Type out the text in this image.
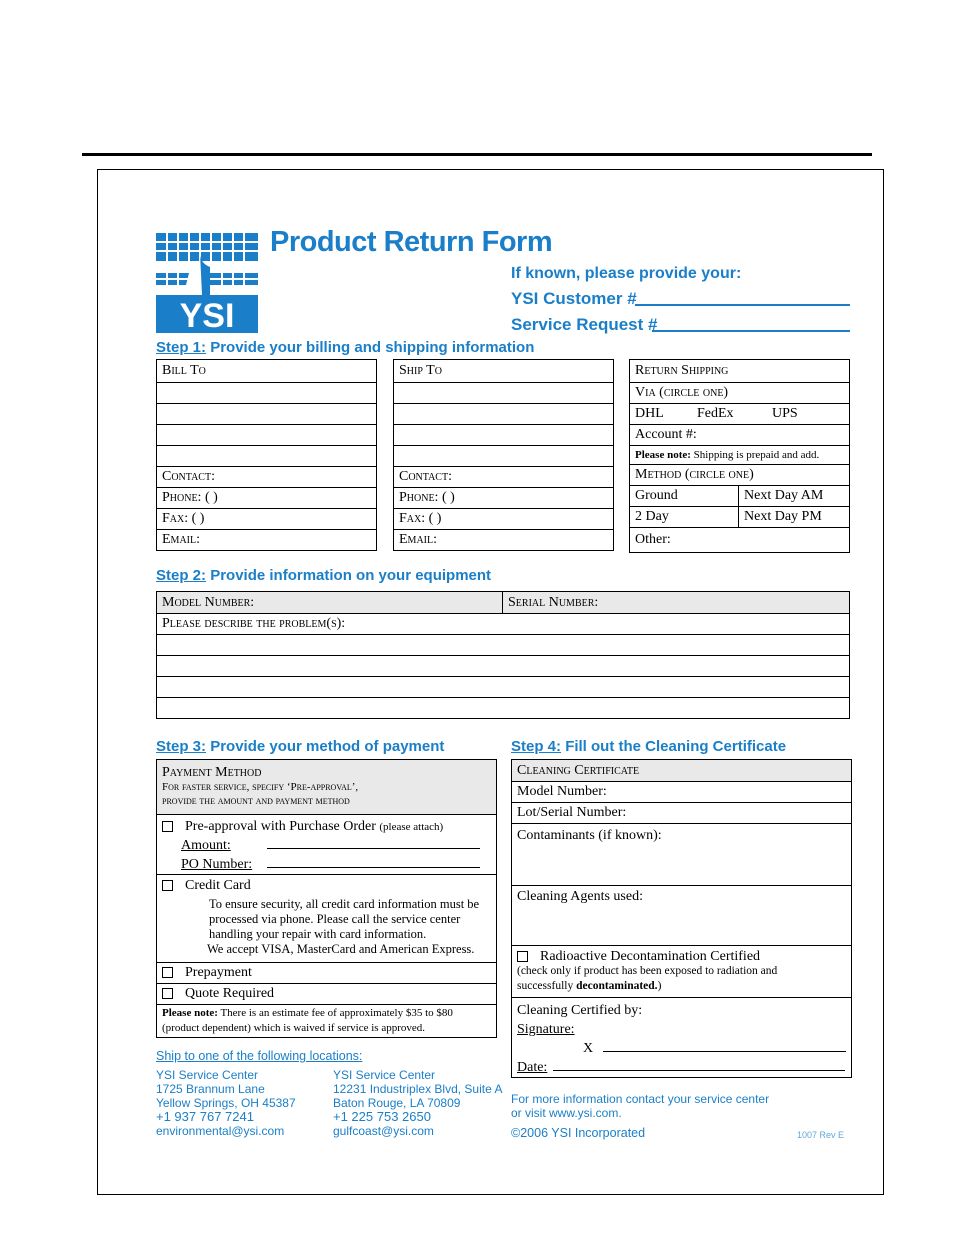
YSI
Product Return Form
If known, please provide your:
YSI Customer #
Service Request #
Step 1: Provide your billing and shipping information
Bill To

Contact:
Phone: ( )
Fax: ( )
Email:
Ship To

Contact:
Phone: ( )
Fax: ( )
Email:
Return Shipping	
Via (circle one)	
DHL FedEx UPS	
Account #:	
Please note: Shipping is prepaid and add.	
Method (circle one)	
Ground	Next Day AM
2 Day	Next Day PM
Other:	
Step 2: Provide information on your equipment
Model Number:	Serial Number:
Please describe the problem(s):

Step 3: Provide your method of payment
Payment Method
For faster service, specify ‘Pre-approval’,
provide the amount and payment method

Pre-approval with Purchase Order (please attach)
Amount:
PO Number:

Credit Card
To ensure security, all credit card information must be
processed via phone. Please call the service center
handling your repair with card information.
We accept VISA, MasterCard and American Express.

Prepayment
Quote Required

Please note: There is an estimate fee of approximately $35 to $80
(product dependent) which is waived if service is approved.
Step 4: Fill out the Cleaning Certificate
Cleaning Certificate
Model Number:
Lot/Serial Number:
Contaminants (if known):
Cleaning Agents used:

Radioactive Decontamination Certified
(check only if product has been exposed to radiation and
successfully decontaminated.)

Cleaning Certified by:
Signature:
X
Date:
Ship to one of the following locations:
YSI Service Center
1725 Brannum Lane
Yellow Springs, OH 45387
+1 937 767 7241
environmental@ysi.com
YSI Service Center
12231 Industriplex Blvd, Suite A
Baton Rouge, LA 70809
+1 225 753 2650
gulfcoast@ysi.com
For more information contact your service center
or visit www.ysi.com.
©2006 YSI Incorporated	1007 Rev E
